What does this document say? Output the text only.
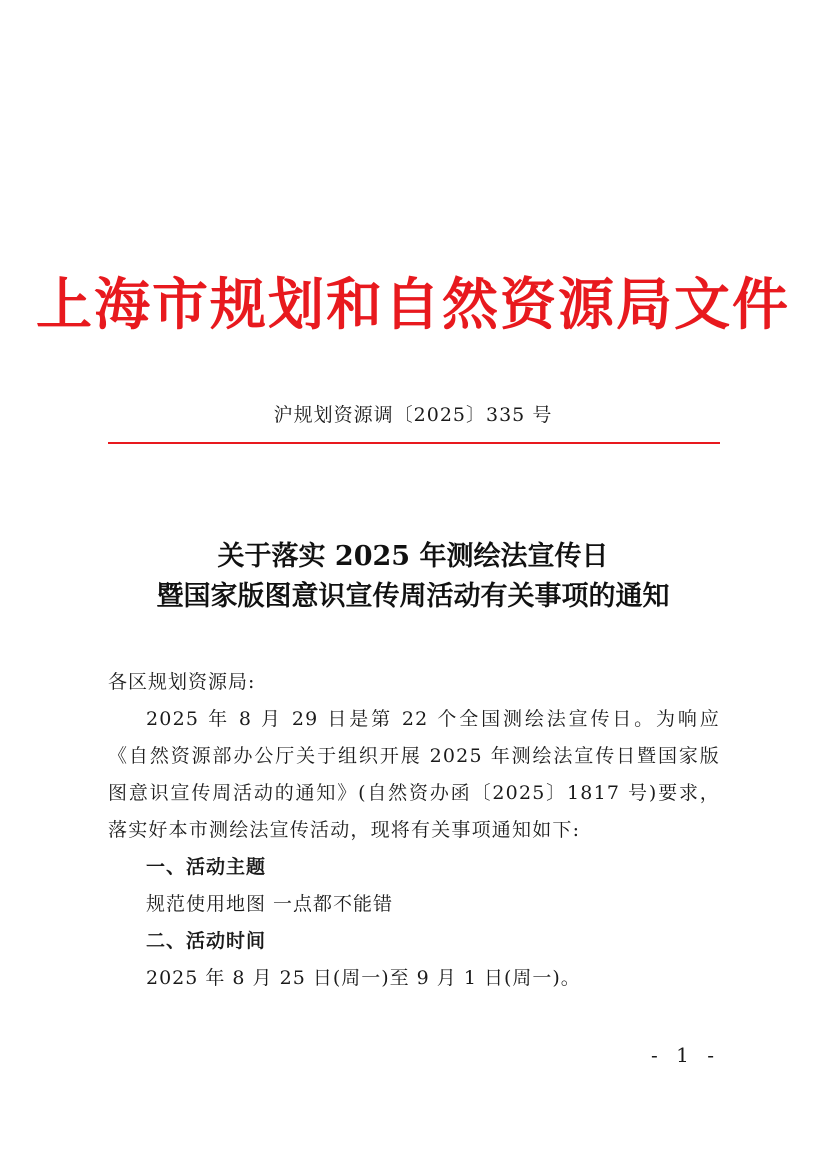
上海市规划和自然资源局文件
沪规划资源调〔2025〕335 号
关于落实 2025 年测绘法宣传日
暨国家版图意识宣传周活动有关事项的通知
各区规划资源局:
2025 年 8 月 29 日是第 22 个全国测绘法宣传日。为响应《自然资源部办公厅关于组织开展 2025 年测绘法宣传日暨国家版图意识宣传周活动的通知》(自然资办函〔2025〕1817 号)要求，落实好本市测绘法宣传活动，现将有关事项通知如下:
一、活动主题
规范使用地图 一点都不能错
二、活动时间
2025 年 8 月 25 日(周一)至 9 月 1 日(周一)。
- 1 -
